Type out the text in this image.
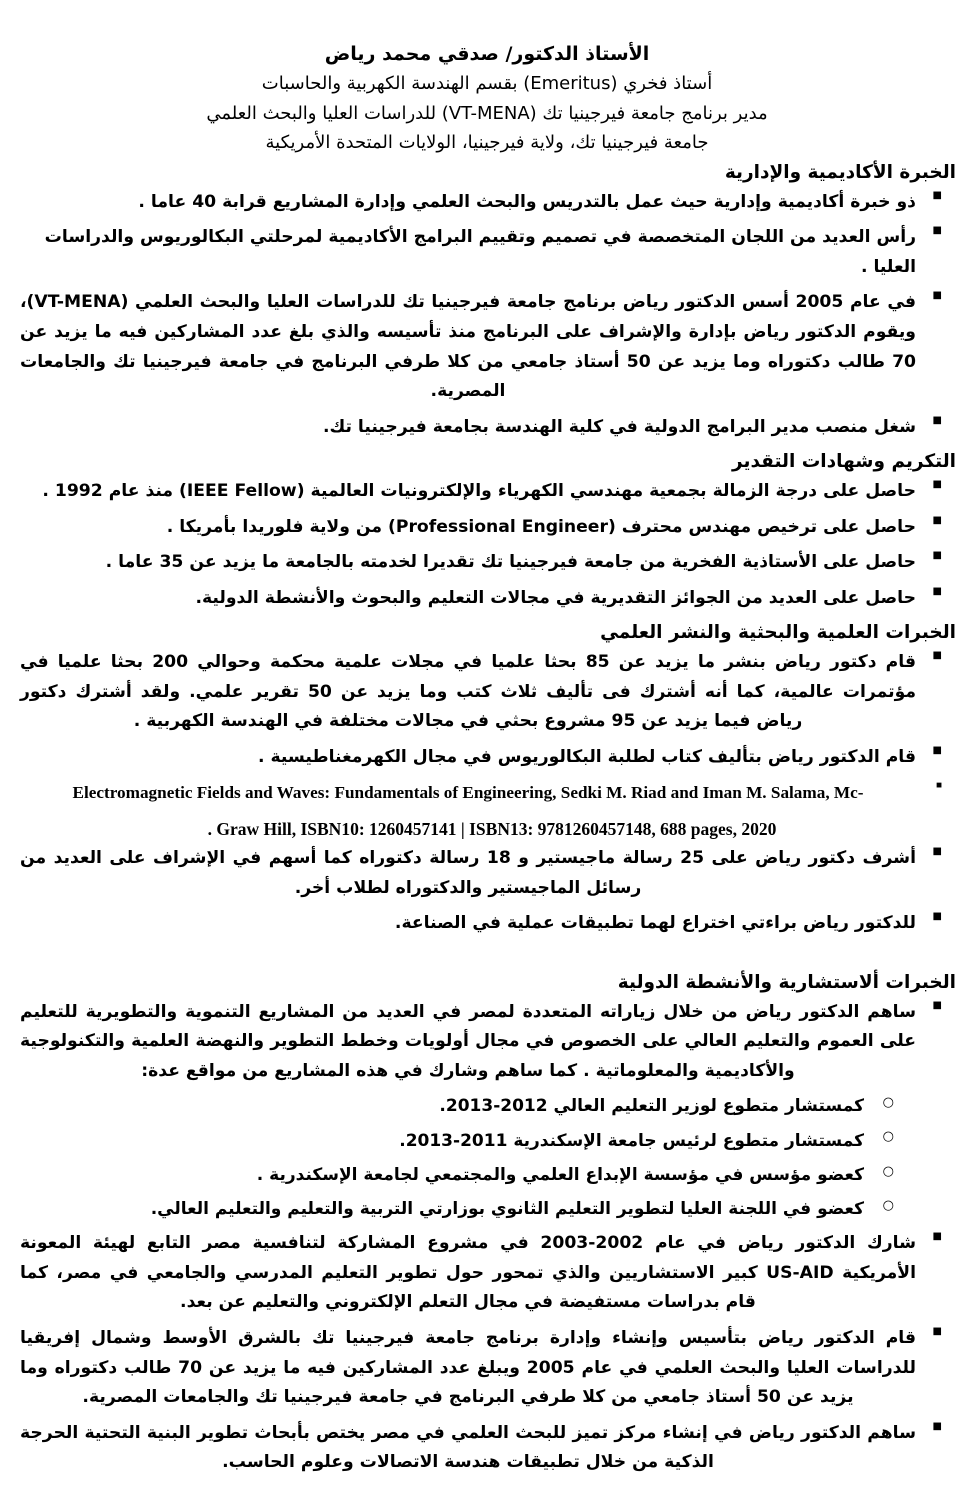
الأستاذ الدكتور/ صدقي محمد رياض
أستاذ فخري (Emeritus) بقسم الهندسة الكهربية والحاسبات
مدير برنامج جامعة فيرجينيا تك (VT-MENA) للدراسات العليا والبحث العلمي
جامعة فيرجينيا تك، ولاية فيرجينيا، الولايات المتحدة الأمريكية
الخبرة الأكاديمية والإدارية
■ ذو خبرة أكاديمية وإدارية حيث عمل بالتدريس والبحث العلمي وإدارة المشاريع قرابة 40 عاما .
■ رأس العديد من اللجان المتخصصة في تصميم وتقييم البرامج الأكاديمية لمرحلتي البكالوريوس والدراسات العليا .
■ في عام 2005 أسس الدكتور رياض برنامج جامعة فيرجينيا تك للدراسات العليا والبحث العلمي (VT-MENA)، ويقوم الدكتور رياض بإدارة والإشراف على البرنامج منذ تأسيسه والذي بلغ عدد المشاركين فيه ما يزيد عن 70 طالب دكتوراه وما يزيد عن 50 أستاذ جامعي من كلا طرفي البرنامج في جامعة فيرجينيا تك والجامعات المصرية.
■ شغل منصب مدير البرامج الدولية في كلية الهندسة بجامعة فيرجينيا تك.
التكريم وشهادات التقدير
■ حاصل على درجة الزمالة بجمعية مهندسي الكهرياء والإلكترونيات العالمية (IEEE Fellow) منذ عام 1992 .
■ حاصل على ترخيص مهندس محترف (Professional Engineer) من ولاية فلوريدا بأمريكا .
■ حاصل على الأستاذية الفخرية من جامعة فيرجينيا تك تقديرا لخدمته بالجامعة ما يزيد عن 35 عاما .
■ حاصل على العديد من الجوائز التقديرية في مجالات التعليم والبحوث والأنشطة الدولية.
الخبرات العلمية والبحثية والنشر العلمي
■ قام دكتور رياض بنشر ما يزيد عن 85 بحثا علميا في مجلات علمية محكمة وحوالي 200 بحثا علميا في مؤتمرات عالمية، كما أنه أشترك فى تأليف ثلاث كتب وما يزيد عن 50 تقرير علمي. ولقد أشترك دكتور رياض فيما يزيد عن 95 مشروع بحثي في مجالات مختلفة في الهندسة الكهربية .
■ قام الدكتور رياض بتأليف كتاب لطلبة البكالوريوس في مجال الكهرمغناطيسية .
■ Electromagnetic Fields and Waves: Fundamentals of Engineering, Sedki M. Riad and Iman M. Salama, Mc-
. Graw Hill, ISBN10: 1260457141 | ISBN13: 9781260457148, 688 pages, 2020
■ أشرف دكتور رياض على 25 رسالة ماجيستير و 18 رسالة دكتوراه كما أسهم في الإشراف على العديد من رسائل الماجيستير والدكتوراه لطلاب أخر.
■ للدكتور رياض براءتي اختراع لهما تطبيقات عملية في الصناعة.
الخبرات ألاستشارية والأنشطة الدولية
■ ساهم الدكتور رياض من خلال زياراته المتعددة لمصر في العديد من المشاريع التنموية والتطويرية للتعليم على العموم والتعليم العالي على الخصوص في مجال أولويات وخطط التطوير والنهضة العلمية والتكنولوجية والأكاديمية والمعلوماتية . كما ساهم وشارك في هذه المشاريع من مواقع عدة:
○ كمستشار متطوع لوزير التعليم العالي 2012-2013.
○ كمستشار متطوع لرئيس جامعة الإسكندرية 2011-2013.
○ كعضو مؤسس في مؤسسة الإبداع العلمي والمجتمعي لجامعة الإسكندرية .
○ كعضو في اللجنة العليا لتطوير التعليم الثانوي بوزارتي التربية والتعليم والتعليم العالي.
■ شارك الدكتور رياض في عام 2002-2003 في مشروع المشاركة لتنافسية مصر التابع لهيئة المعونة الأمريكية US-AID كبير الاستشاريين والذي تمحور حول تطوير التعليم المدرسي والجامعي في مصر، كما قام بدراسات مستفيضة في مجال التعلم الإلكتروني والتعليم عن بعد.
■ قام الدكتور رياض بتأسيس وإنشاء وإدارة برنامج جامعة فيرجينيا تك بالشرق الأوسط وشمال إفريقيا للدراسات العليا والبحث العلمي في عام 2005 ويبلغ عدد المشاركين فيه ما يزيد عن 70 طالب دكتوراه وما يزيد عن 50 أستاذ جامعي من كلا طرفي البرنامج في جامعة فيرجينيا تك والجامعات المصرية.
■ ساهم الدكتور رياض في إنشاء مركز تميز للبحث العلمي في مصر يختص بأبحاث تطوير البنية التحتية الحرجة الذكية من خلال تطبيقات هندسة الاتصالات وعلوم الحاسب.
